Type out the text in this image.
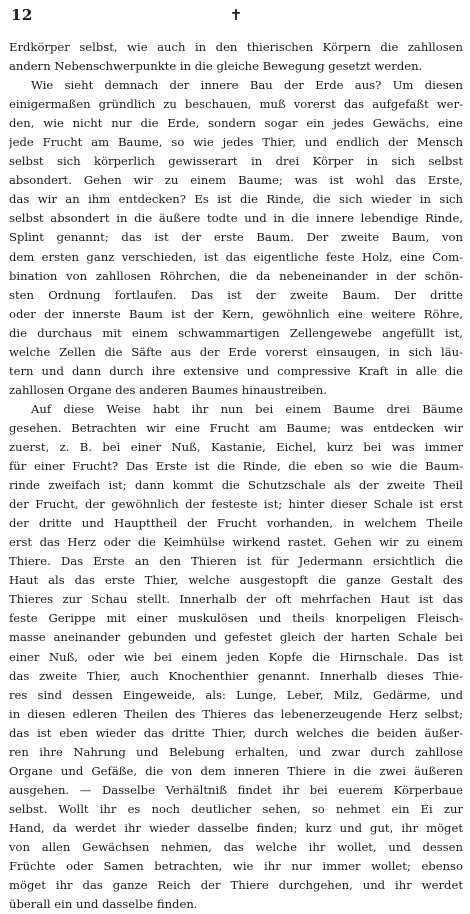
12	✝
Erdkörper selbst, wie auch in den thierischen Körpern die zahllosen
andern Nebenschwerpunkte in die gleiche Bewegung gesetzt werden.
Wie sieht demnach der innere Bau der Erde aus? Um diesen
einigermaßen gründlich zu beschauen, muß vorerst das aufgefaßt wer-
den, wie nicht nur die Erde, sondern sogar ein jedes Gewächs, eine
jede Frucht am Baume, so wie jedes Thier, und endlich der Mensch
selbst sich körperlich gewisserart in drei Körper in sich selbst
absondert. Gehen wir zu einem Baume; was ist wohl das Erste,
das wir an ihm entdecken? Es ist die Rinde, die sich wieder in sich
selbst absondert in die äußere todte und in die innere lebendige Rinde,
Splint genannt; das ist der erste Baum. Der zweite Baum, von
dem ersten ganz verschieden, ist das eigentliche feste Holz, eine Com-
bination von zahllosen Röhrchen, die da nebeneinander in der schön-
sten Ordnung fortlaufen. Das ist der zweite Baum. Der dritte
oder der innerste Baum ist der Kern, gewöhnlich eine weitere Röhre,
die durchaus mit einem schwammartigen Zellengewebe angefüllt ist,
welche Zellen die Säfte aus der Erde vorerst einsaugen, in sich läu-
tern und dann durch ihre extensive und compressive Kraft in alle die
zahllosen Organe des anderen Baumes hinaustreiben.
Auf diese Weise habt ihr nun bei einem Baume drei Bäume
gesehen. Betrachten wir eine Frucht am Baume; was entdecken wir
zuerst, z. B. bei einer Nuß, Kastanie, Eichel, kurz bei was immer
für einer Frucht? Das Erste ist die Rinde, die eben so wie die Baum-
rinde zweifach ist; dann kommt die Schutzschale als der zweite Theil
der Frucht, der gewöhnlich der festeste ist; hinter dieser Schale ist erst
der dritte und Haupttheil der Frucht vorhanden, in welchem Theile
erst das Herz oder die Keimhülse wirkend rastet. Gehen wir zu einem
Thiere. Das Erste an den Thieren ist für Jedermann ersichtlich die
Haut als das erste Thier, welche ausgestopft die ganze Gestalt des
Thieres zur Schau stellt. Innerhalb der oft mehrfachen Haut ist das
feste Gerippe mit einer muskulösen und theils knorpeligen Fleisch-
masse aneinander gebunden und gefestet gleich der harten Schale bei
einer Nuß, oder wie bei einem jeden Kopfe die Hirnschale. Das ist
das zweite Thier, auch Knochenthier genannt. Innerhalb dieses Thie-
res sind dessen Eingeweide, als: Lunge, Leber, Milz, Gedärme, und
in diesen edleren Theilen des Thieres das lebenerzeugende Herz selbst;
das ist eben wieder das dritte Thier, durch welches die beiden äußer-
ren ihre Nahrung und Belebung erhalten, und zwar durch zahllose
Organe und Gefäße, die von dem inneren Thiere in die zwei äußeren
ausgehen. — Dasselbe Verhältniß findet ihr bei euerem Körperbaue
selbst. Wollt ihr es noch deutlicher sehen, so nehmet ein Ei zur
Hand, da werdet ihr wieder dasselbe finden; kurz und gut, ihr möget
von allen Gewächsen nehmen, das welche ihr wollet, und dessen
Früchte oder Samen betrachten, wie ihr nur immer wollet; ebenso
möget ihr das ganze Reich der Thiere durchgehen, und ihr werdet
überall ein und dasselbe finden.
